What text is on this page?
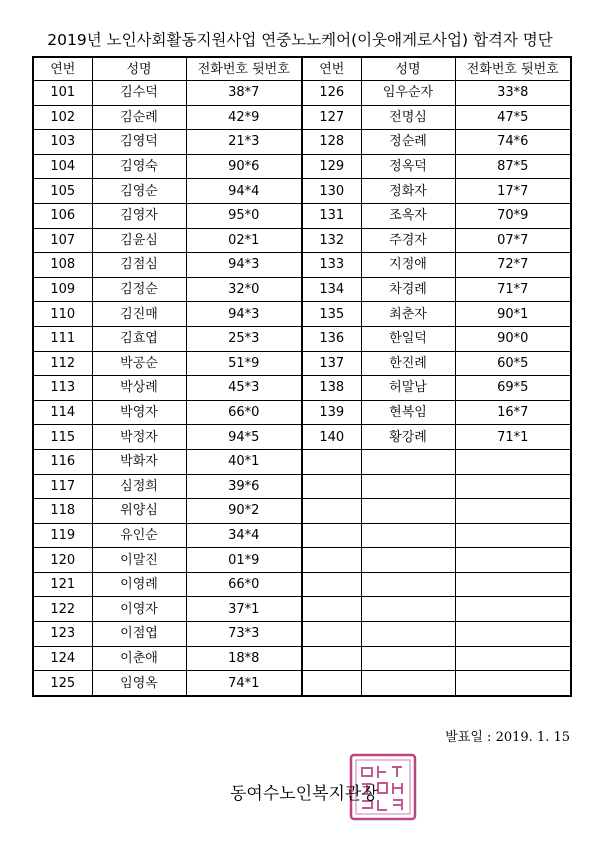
2019년 노인사회활동지원사업 연중노노케어(이웃애게로사업) 합격자 명단
연번	성명	전화번호 뒷번호	연번	성명	전화번호 뒷번호
101	김수덕	38*7	126	임우순자	33*8
102	김순례	42*9	127	전명심	47*5
103	김영덕	21*3	128	정순례	74*6
104	김영숙	90*6	129	정옥덕	87*5
105	김영순	94*4	130	정화자	17*7
106	김영자	95*0	131	조옥자	70*9
107	김윤심	02*1	132	주경자	07*7
108	김점심	94*3	133	지정애	72*7
109	김정순	32*0	134	차경례	71*7
110	김진매	94*3	135	최춘자	90*1
111	김효엽	25*3	136	한일덕	90*0
112	박공순	51*9	137	한진례	60*5
113	박상례	45*3	138	허말남	69*5
114	박영자	66*0	139	현복임	16*7
115	박정자	94*5	140	황강례	71*1
116	박화자	40*1			
117	심정희	39*6			
118	위양심	90*2			
119	유인순	34*4			
120	이말진	01*9			
121	이영례	66*0			
122	이영자	37*1			
123	이점엽	73*3			
124	이춘애	18*8			
125	임영옥	74*1			
발표일 : 2019. 1. 15
동여수노인복지관장
